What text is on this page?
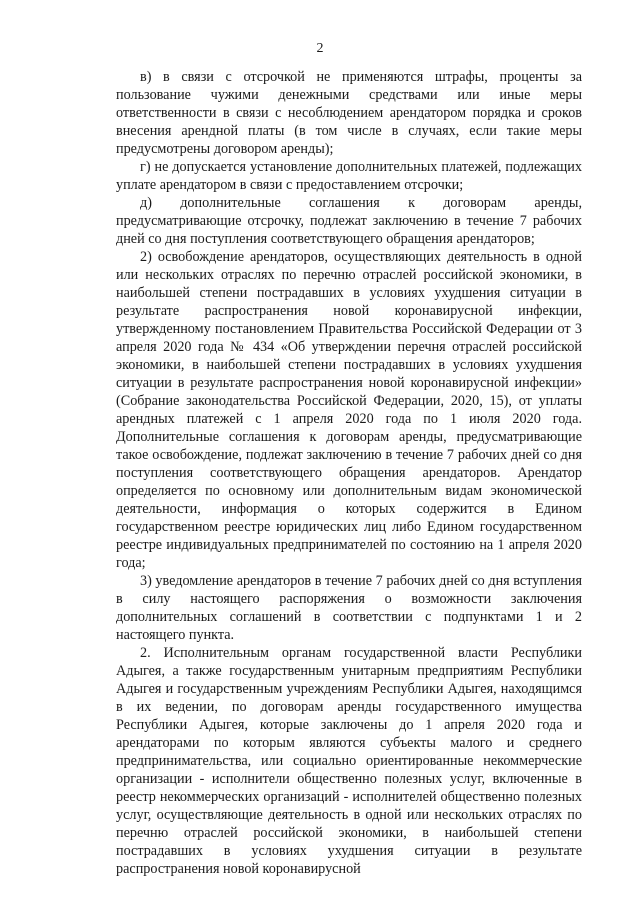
2

в) в связи с отсрочкой не применяются штрафы, проценты за пользование чужими денежными средствами или иные меры ответственности в связи с несоблюдением арендатором порядка и сроков внесения арендной платы (в том числе в случаях, если такие меры предусмотрены договором аренды);

г) не допускается установление дополнительных платежей, подлежащих уплате арендатором в связи с предоставлением отсрочки;

д) дополнительные соглашения к договорам аренды, предусматривающие отсрочку, подлежат заключению в течение 7 рабочих дней со дня поступления соответствующего обращения арендаторов;

2) освобождение арендаторов, осуществляющих деятельность в одной или нескольких отраслях по перечню отраслей российской экономики, в наибольшей степени пострадавших в условиях ухудшения ситуации в результате распространения новой коронавирусной инфекции, утвержденному постановлением Правительства Российской Федерации от 3 апреля 2020 года № 434 «Об утверждении перечня отраслей российской экономики, в наибольшей степени пострадавших в условиях ухудшения ситуации в результате распространения новой коронавирусной инфекции» (Собрание законодательства Российской Федерации, 2020, 15), от уплаты арендных платежей с 1 апреля 2020 года по 1 июля 2020 года. Дополнительные соглашения к договорам аренды, предусматривающие такое освобождение, подлежат заключению в течение 7 рабочих дней со дня поступления соответствующего обращения арендаторов. Арендатор определяется по основному или дополнительным видам экономической деятельности, информация о которых содержится в Едином государственном реестре юридических лиц либо Едином государственном реестре индивидуальных предпринимателей по состоянию на 1 апреля 2020 года;

3) уведомление арендаторов в течение 7 рабочих дней со дня вступления в силу настоящего распоряжения о возможности заключения дополнительных соглашений в соответствии с подпунктами 1 и 2 настоящего пункта.

2. Исполнительным органам государственной власти Республики Адыгея, а также государственным унитарным предприятиям Республики Адыгея и государственным учреждениям Республики Адыгея, находящимся в их ведении, по договорам аренды государственного имущества Республики Адыгея, которые заключены до 1 апреля 2020 года и арендаторами по которым являются субъекты малого и среднего предпринимательства, или социально ориентированные некоммерческие организации - исполнители общественно полезных услуг, включенные в реестр некоммерческих организаций - исполнителей общественно полезных услуг, осуществляющие деятельность в одной или нескольких отраслях по перечню отраслей российской экономики, в наибольшей степени пострадавших в условиях ухудшения ситуации в результате распространения новой коронавирусной
